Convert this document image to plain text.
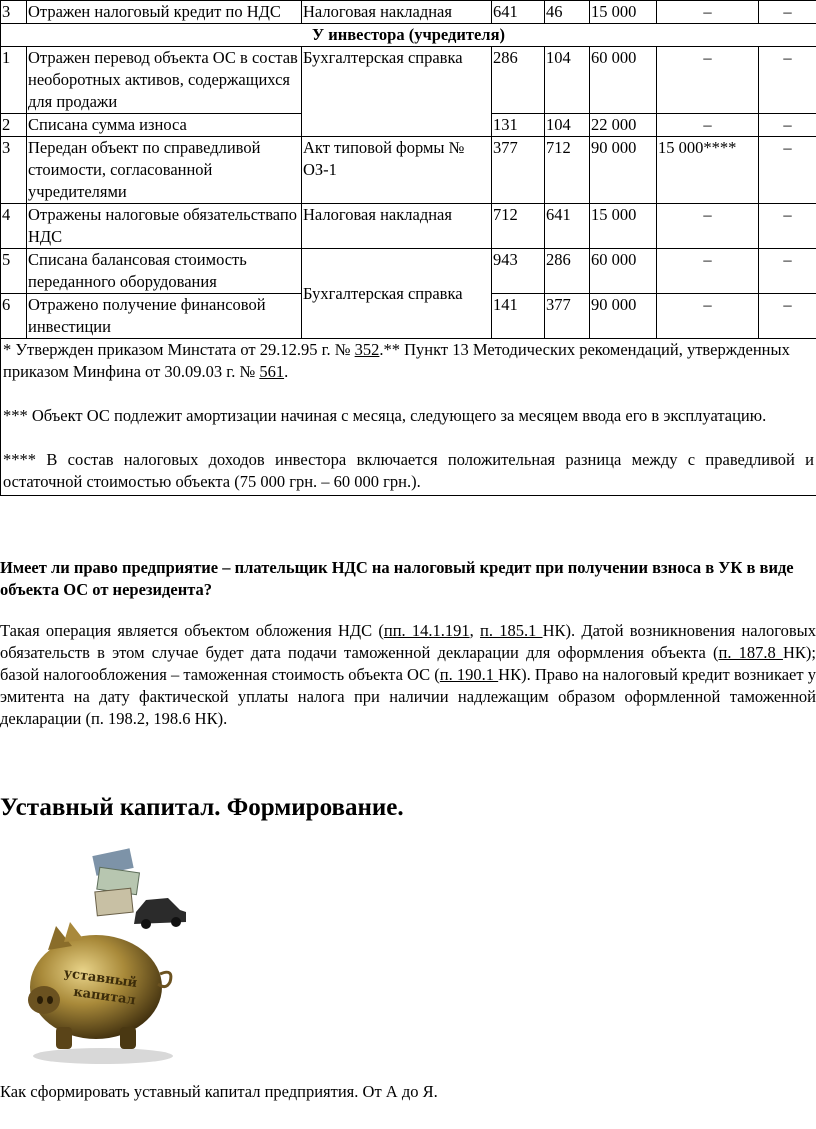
3	Отражен налоговый кредит по НДС	Налоговая накладная	641	46	15 000	–	–
У инвестора (учредителя)							
1	Отражен перевод объекта ОС в состав необоротных активов, содержащихся для продажи	Бухгалтерская справка	286	104	60 000	–	–
2	Списана сумма износа		131	104	22 000	–	–
3	Передан объект по справедливой стоимости, согласованной учредителями	Акт типовой формы № ОЗ-1	377	712	90 000	15 000****	–
4	Отражены налоговые обязательствапо НДС	Налоговая накладная	712	641	15 000	–	–
5	Списана балансовая стоимость переданного оборудования	Бухгалтерская справка	943	286	60 000	–	–
6	Отражено получение финансовой инвестиции		141	377	90 000	–	–

* Утвержден приказом Минстата от 29.12.95 г. № 352.** Пункт 13 Методических рекомендаций, утвержденных приказом Минфина от 30.09.03 г. № 561.

*** Объект ОС подлежит амортизации начиная с месяца, следующего за месяцем ввода его в эксплуатацию.

**** В состав налоговых доходов инвестора включается положительная разница между с праведливой и остаточной стоимостью объекта (75 000 грн. – 60 000 грн.).							

Имеет ли право предприятие – плательщик НДС на налоговый кредит при получении взноса в УК в виде объекта ОС от нерезидента?
Такая операция является объектом обложения НДС (пп. 14.1.191, п. 185.1 НК). Датой возникновения налоговых обязательств в этом случае будет дата подачи таможенной декларации для оформления объекта (п. 187.8 НК); базой налогообложения – таможенная стоимость объекта ОС (п. 190.1 НК). Право на налоговый кредит возникает у эмитента на дату фактической уплаты налога при наличии надлежащим образом оформленной таможенной декларации (п. 198.2, 198.6 НК).
Уставный капитал. Формирование.
уставный
капитал
Как сформировать уставный капитал предприятия. От А до Я.
